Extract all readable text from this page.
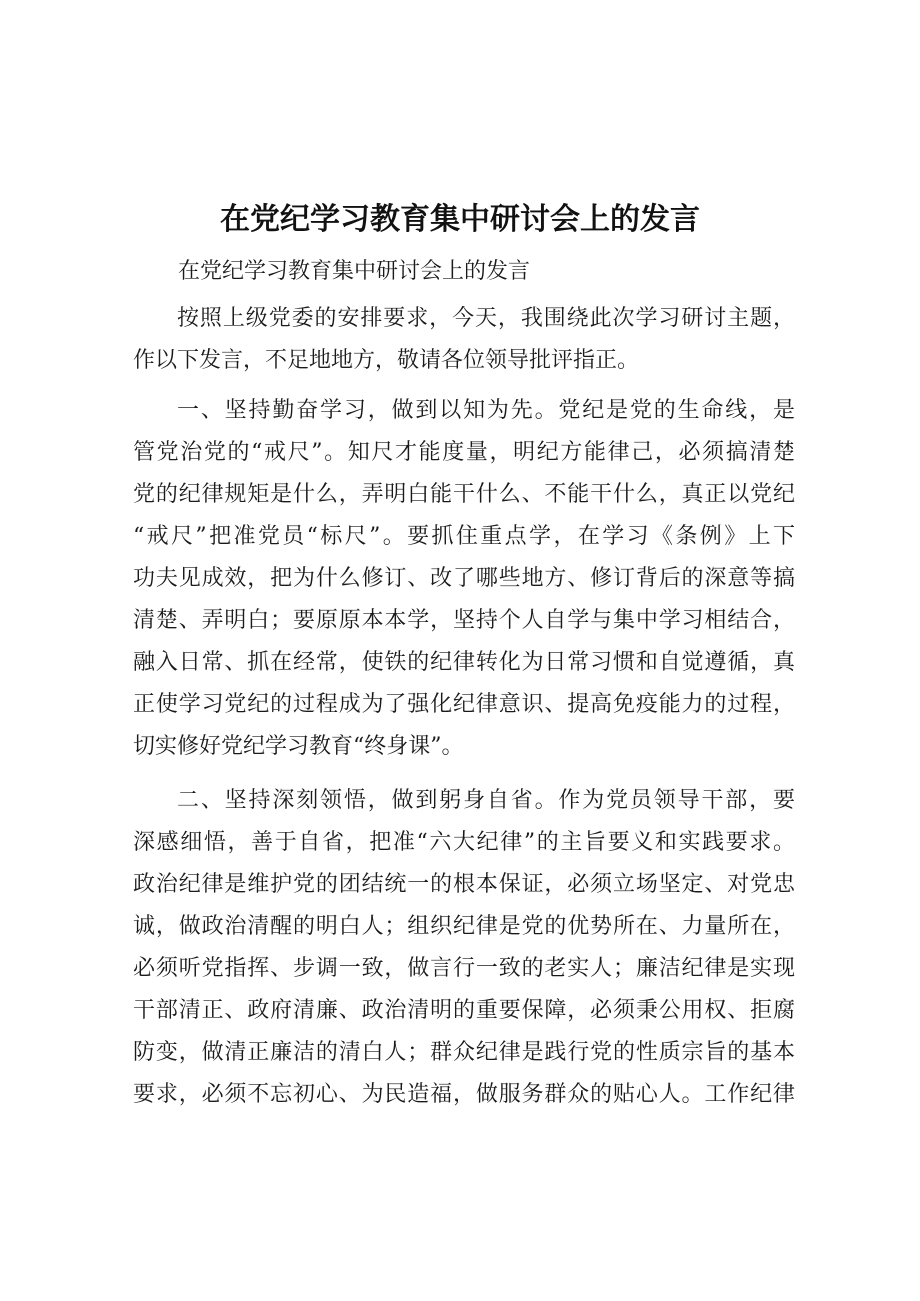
在党纪学习教育集中研讨会上的发言
在党纪学习教育集中研讨会上的发言
按照上级党委的安排要求，今天，我围绕此次学习研讨主题，
作以下发言，不足地地方，敬请各位领导批评指正。
一、坚持勤奋学习，做到以知为先。党纪是党的生命线，是
管党治党的“戒尺”。知尺才能度量，明纪方能律己，必须搞清楚
党的纪律规矩是什么，弄明白能干什么、不能干什么，真正以党纪
“戒尺”把准党员“标尺”。要抓住重点学，在学习《条例》上下
功夫见成效，把为什么修订、改了哪些地方、修订背后的深意等搞
清楚、弄明白；要原原本本学，坚持个人自学与集中学习相结合，
融入日常、抓在经常，使铁的纪律转化为日常习惯和自觉遵循，真
正使学习党纪的过程成为了强化纪律意识、提高免疫能力的过程，
切实修好党纪学习教育“终身课”。
二、坚持深刻领悟，做到躬身自省。作为党员领导干部，要
深感细悟，善于自省，把准“六大纪律”的主旨要义和实践要求。
政治纪律是维护党的团结统一的根本保证，必须立场坚定、对党忠
诚，做政治清醒的明白人；组织纪律是党的优势所在、力量所在，
必须听党指挥、步调一致，做言行一致的老实人；廉洁纪律是实现
干部清正、政府清廉、政治清明的重要保障，必须秉公用权、拒腐
防变，做清正廉洁的清白人；群众纪律是践行党的性质宗旨的基本
要求，必须不忘初心、为民造福，做服务群众的贴心人。工作纪律
